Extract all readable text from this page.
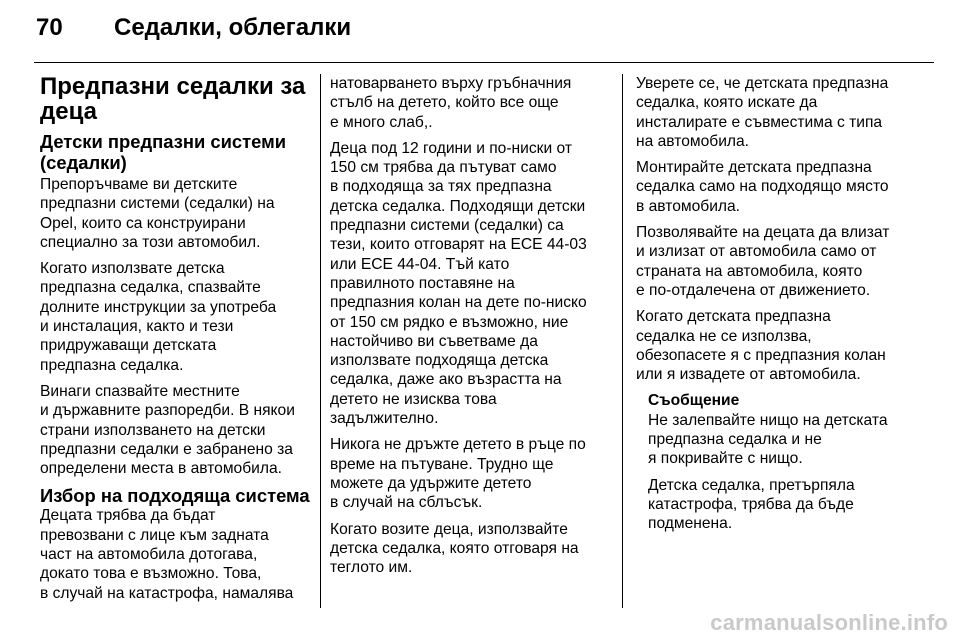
70	Седалки, облегалки
Предпазни седалки за
деца
Детски предпазни системи
(седалки)
Препоръчваме ви детските
предпазни системи (седалки) на
Opel, които са конструирани
специално за този автомобил.
Когато използвате детска
предпазна седалка, спазвайте
долните инструкции за употреба
и инсталация, както и тези
придружаващи детската
предпазна седалка.
Винаги спазвайте местните
и държавните разпоредби. В някои
страни използването на детски
предпазни седалки е забранено за
определени места в автомобила.
Избор на подходяща система
Децата трябва да бъдат
превозвани с лице към задната
част на автомобила дотогава,
докато това е възможно. Това,
в случай на катастрофа, намалява
натоварването върху гръбначния
стълб на детето, който все още
е много слаб,.
Деца под 12 години и по-ниски от
150 см трябва да пътуват само
в подходяща за тях предпазна
детска седалка. Подходящи детски
предпазни системи (седалки) са
тези, които отговарят на ECE 44-03
или ECE 44-04. Тъй като
правилното поставяне на
предпазния колан на дете по-ниско
от 150 см рядко е възможно, ние
настойчиво ви съветваме да
използвате подходяща детска
седалка, даже ако възрастта на
детето не изисква това
задължително.
Никога не дръжте детето в ръце по
време на пътуване. Трудно ще
можете да удържите детето
в случай на сблъсък.
Когато возите деца, използвайте
детска седалка, която отговаря на
теглото им.
Уверете се, че детската предпазна
седалка, която искате да
инсталирате е съвместима с типа
на автомобила.
Монтирайте детската предпазна
седалка само на подходящо място
в автомобила.
Позволявайте на децата да влизат
и излизат от автомобила само от
страната на автомобила, която
е по-отдалечена от движението.
Когато детската предпазна
седалка не се използва,
обезопасете я с предпазния колан
или я извадете от автомобила.
Съобщение
Не залепвайте нищо на детската
предпазна седалка и не
я покривайте с нищо.
Детска седалка, претърпяла
катастрофа, трябва да бъде
подменена.
carmanualsonline.info
